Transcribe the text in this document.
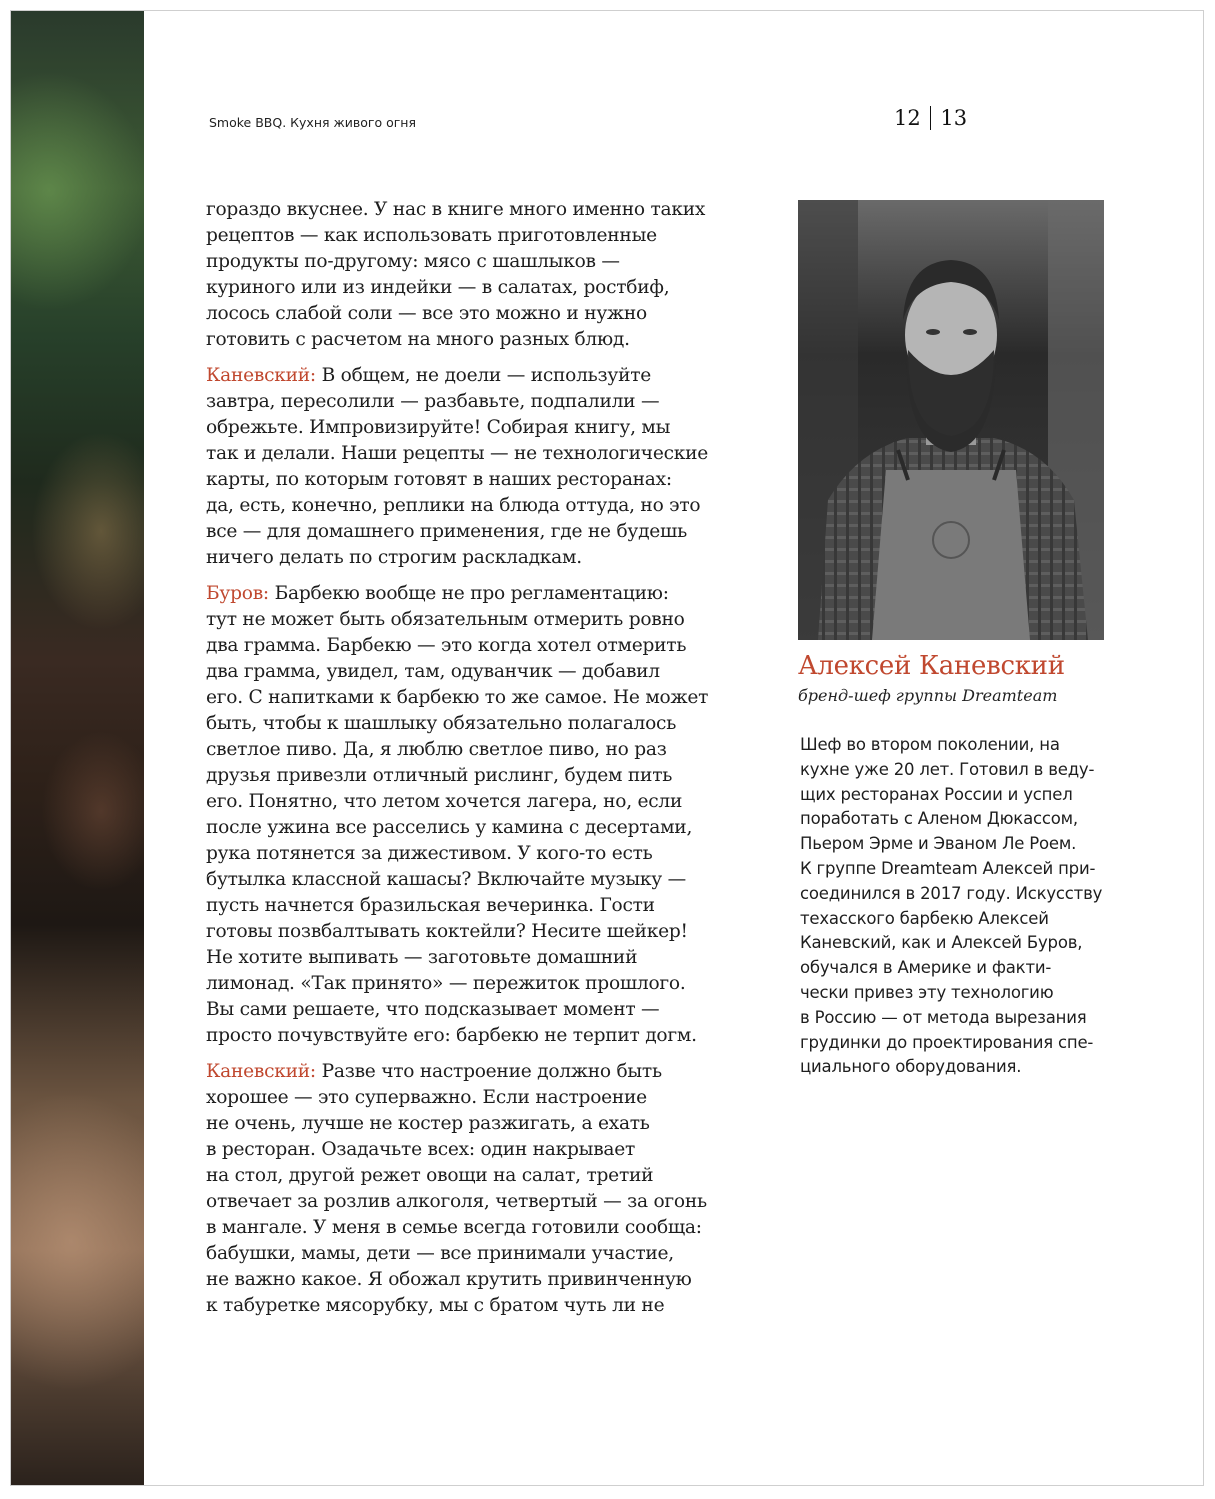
Smoke BBQ. Кухня живого огня	12 13

гораздо вкуснее. У нас в книге много именно таких
рецептов — как использовать приготовленные
продукты по-другому: мясо с шашлыков —
куриного или из индейки — в салатах, ростбиф,
лосось слабой соли — все это можно и нужно
готовить с расчетом на много разных блюд.

Каневский: В общем, не доели — используйте
завтра, пересолили — разбавьте, подпалили —
обрежьте. Импровизируйте! Собирая книгу, мы
так и делали. Наши рецепты — не технологические
карты, по которым готовят в наших ресторанах:
да, есть, конечно, реплики на блюда оттуда, но это
все — для домашнего применения, где не будешь
ничего делать по строгим раскладкам.

Буров: Барбекю вообще не про регламентацию:
тут не может быть обязательным отмерить ровно
два грамма. Барбекю — это когда хотел отмерить
два грамма, увидел, там, одуванчик — добавил
его. С напитками к барбекю то же самое. Не может
быть, чтобы к шашлыку обязательно полагалось
светлое пиво. Да, я люблю светлое пиво, но раз
друзья привезли отличный рислинг, будем пить
его. Понятно, что летом хочется лагера, но, если
после ужина все расселись у камина с десертами,
рука потянется за дижестивом. У кого-то есть
бутылка классной кашасы? Включайте музыку —
пусть начнется бразильская вечеринка. Гости
готовы позвбалтывать коктейли? Несите шейкер!
Не хотите выпивать — заготовьте домашний
лимонад. «Так принято» — пережиток прошлого.
Вы сами решаете, что подсказывает момент —
просто почувствуйте его: барбекю не терпит догм.

Каневский: Разве что настроение должно быть
хорошее — это суперважно. Если настроение
не очень, лучше не костер разжигать, а ехать
в ресторан. Озадачьте всех: один накрывает
на стол, другой режет овощи на салат, третий
отвечает за розлив алкоголя, четвертый — за огонь
в мангале. У меня в семье всегда готовили сообща:
бабушки, мамы, дети — все принимали участие,
не важно какое. Я обожал крутить привинченную
к табуретке мясорубку, мы с братом чуть ли не

Алексей Каневский
бренд-шеф группы Dreamteam
Шеф во втором поколении, на
кухне уже 20 лет. Готовил в веду-
щих ресторанах России и успел
поработать с Аленом Дюкассом,
Пьером Эрме и Эваном Ле Роем.
К группе Dreamteam Алексей при-
соединился в 2017 году. Искусству
техасского барбекю Алексей
Каневский, как и Алексей Буров,
обучался в Америке и факти-
чески привез эту технологию
в Россию — от метода вырезания
грудинки до проектирования спе-
циального оборудования.
